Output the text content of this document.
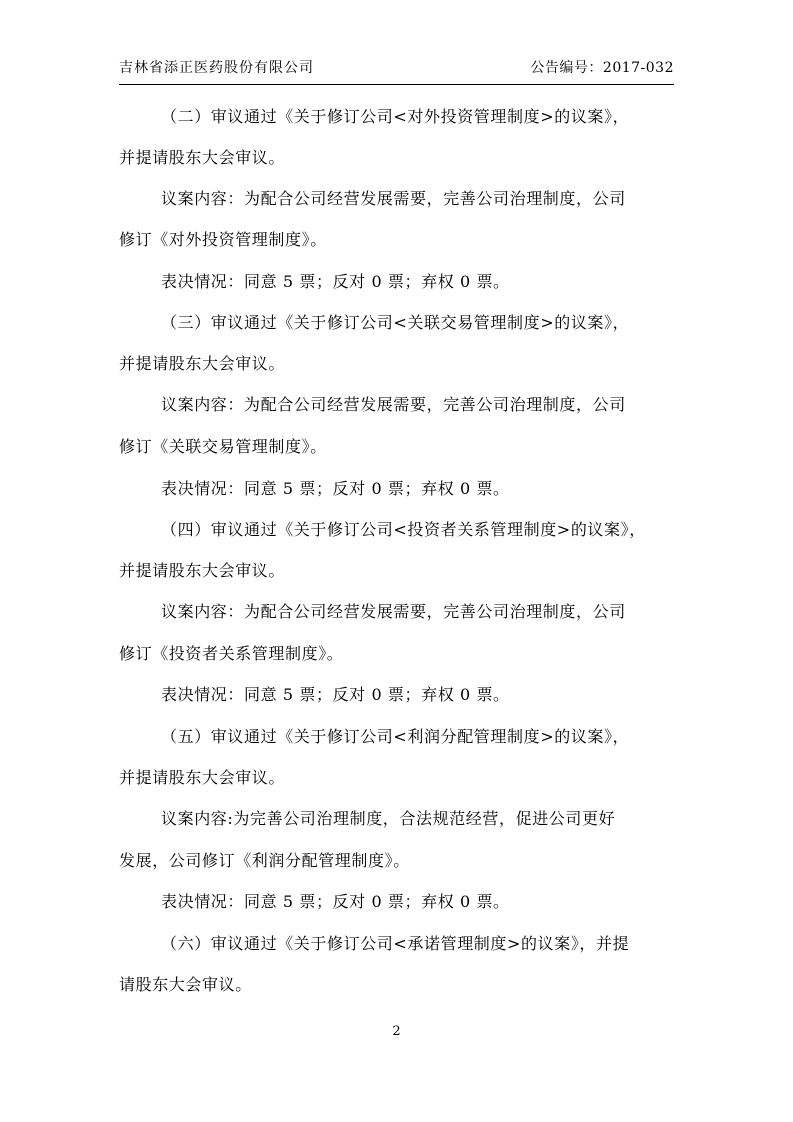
吉林省添正医药股份有限公司	公告编号：2017-032
（二）审议通过《关于修订公司<对外投资管理制度>的议案》，
并提请股东大会审议。
议案内容：为配合公司经营发展需要，完善公司治理制度，公司
修订《对外投资管理制度》。
表决情况：同意 5 票；反对 0 票；弃权 0 票。
（三）审议通过《关于修订公司<关联交易管理制度>的议案》，
并提请股东大会审议。
议案内容：为配合公司经营发展需要，完善公司治理制度，公司
修订《关联交易管理制度》。
表决情况：同意 5 票；反对 0 票；弃权 0 票。
（四）审议通过《关于修订公司<投资者关系管理制度>的议案》，
并提请股东大会审议。
议案内容：为配合公司经营发展需要，完善公司治理制度，公司
修订《投资者关系管理制度》。
表决情况：同意 5 票；反对 0 票；弃权 0 票。
（五）审议通过《关于修订公司<利润分配管理制度>的议案》，
并提请股东大会审议。
议案内容:为完善公司治理制度，合法规范经营，促进公司更好
发展，公司修订《利润分配管理制度》。
表决情况：同意 5 票；反对 0 票；弃权 0 票。
（六）审议通过《关于修订公司<承诺管理制度>的议案》，并提
请股东大会审议。
2
